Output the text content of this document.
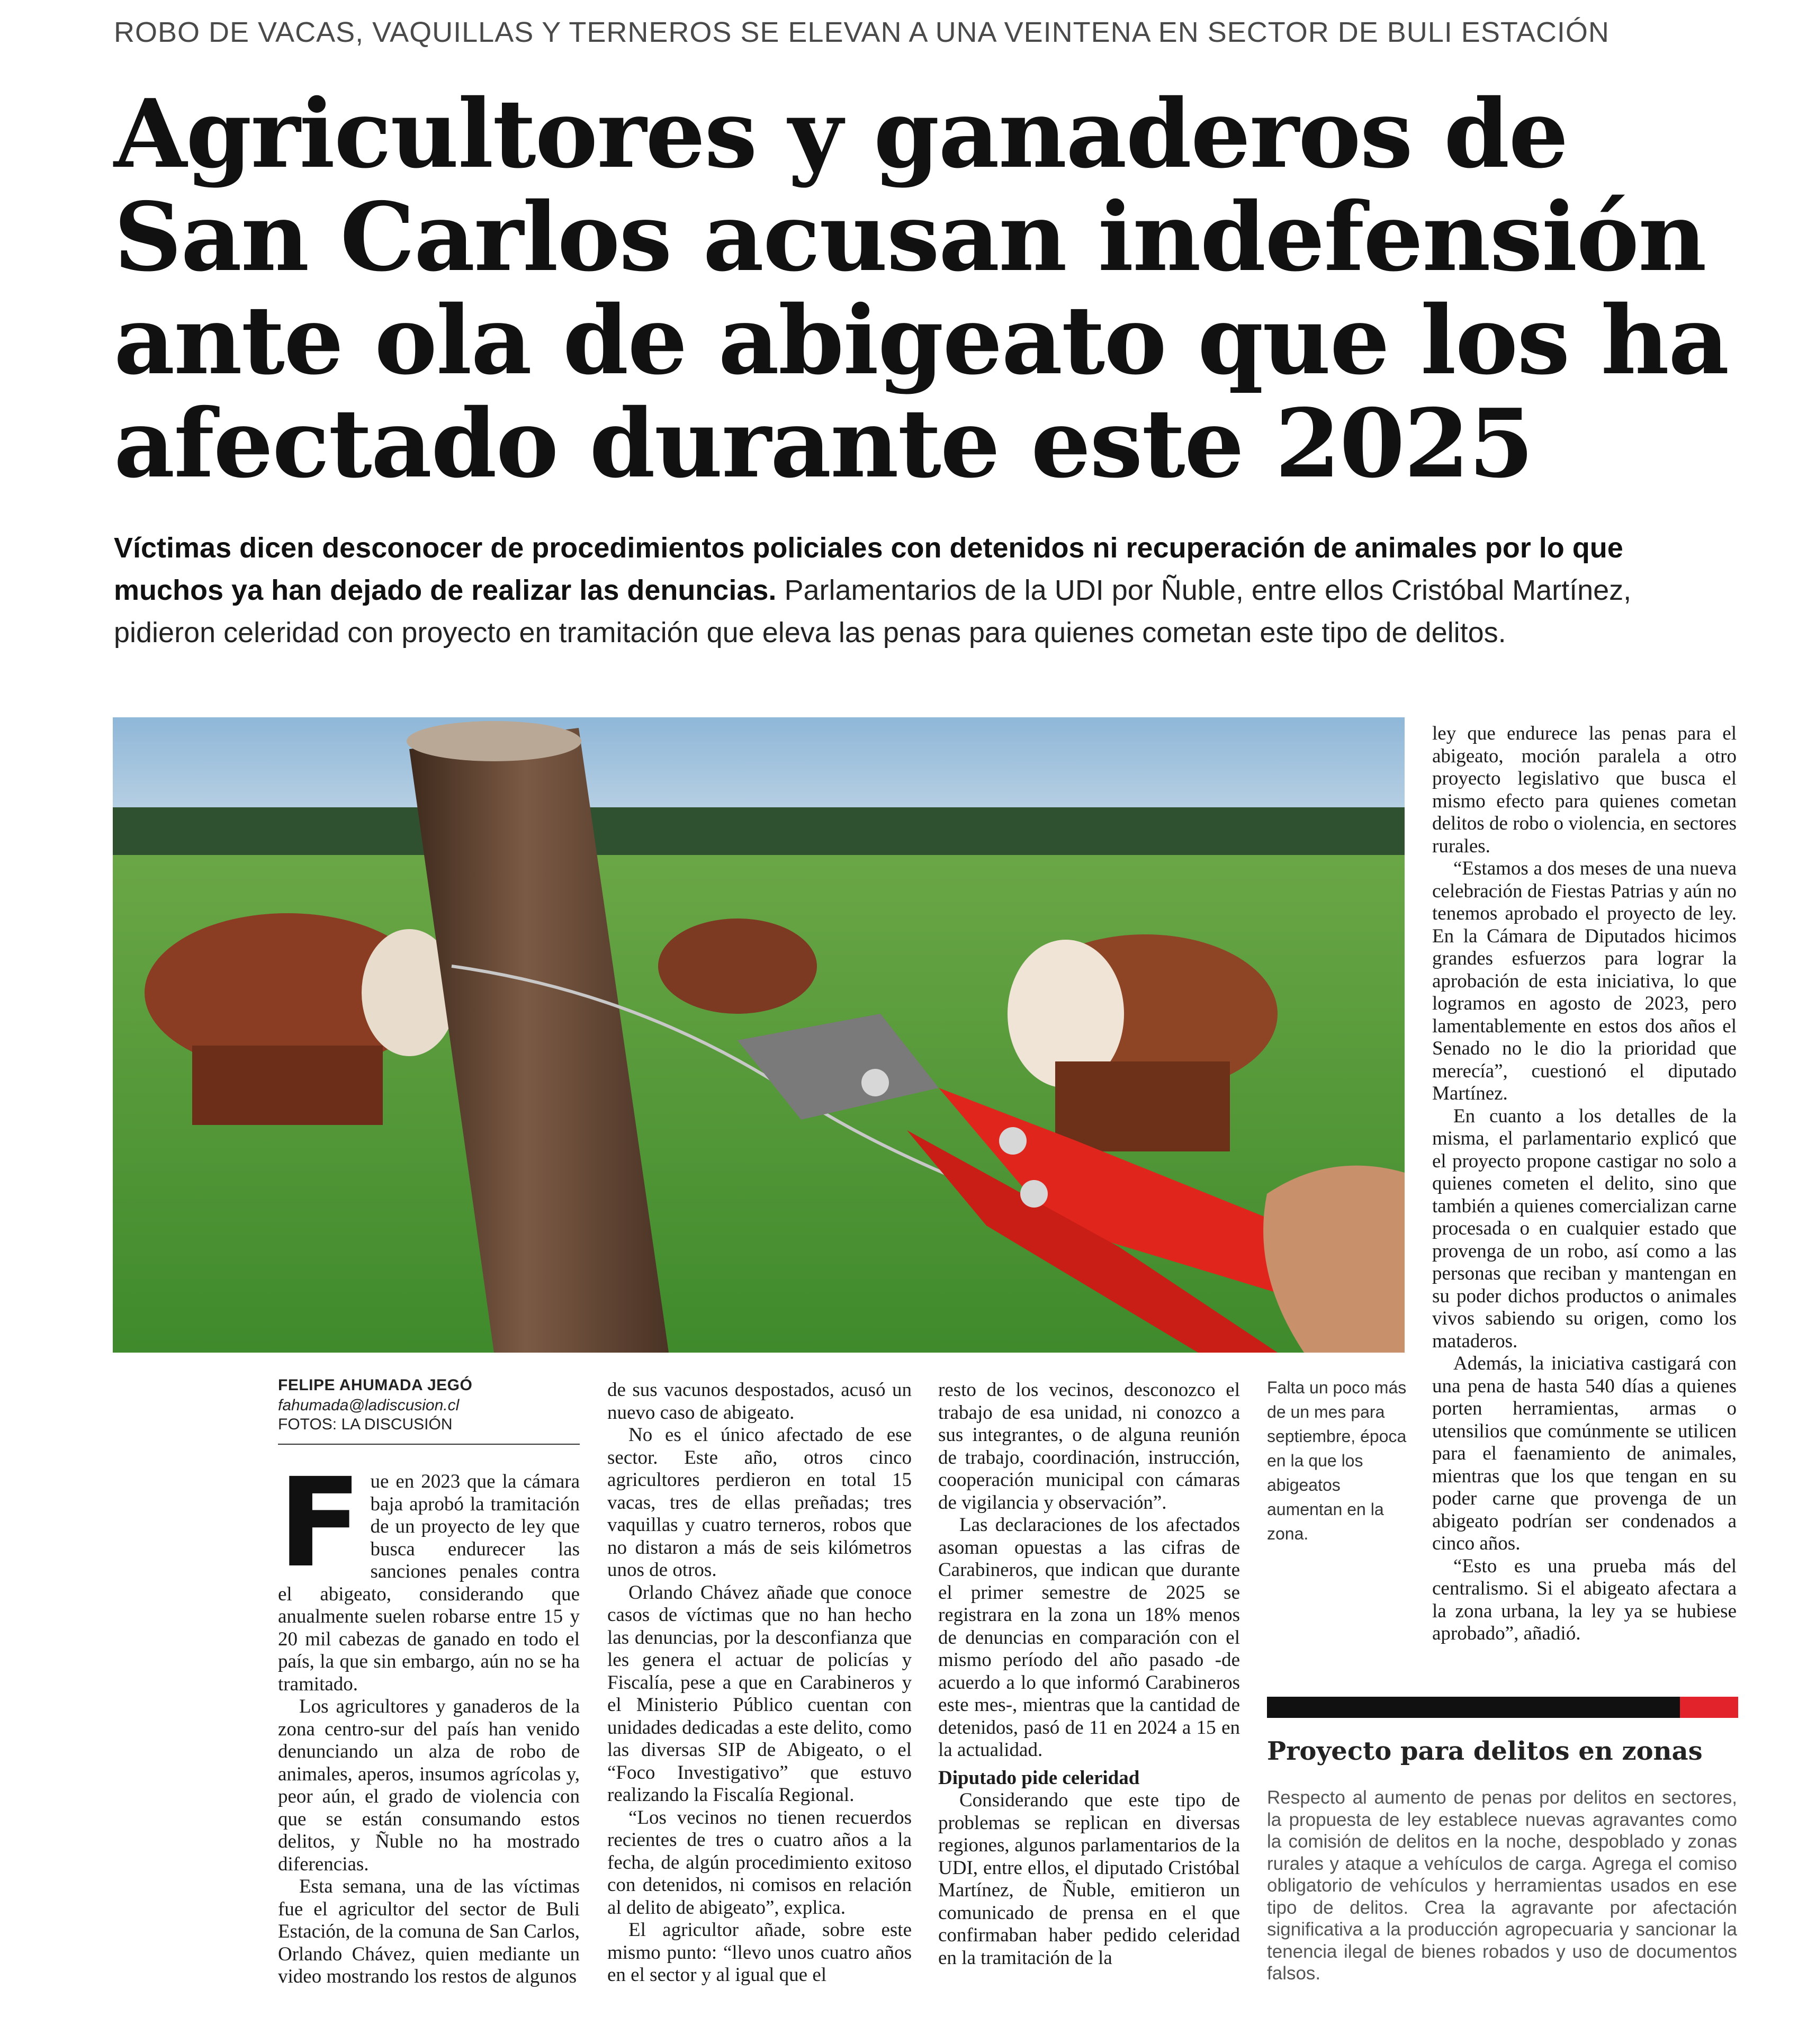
ROBO DE VACAS, VAQUILLAS Y TERNEROS SE ELEVAN A UNA VEINTENA EN SECTOR DE BULI ESTACIÓN
Agricultores y ganaderos de
San Carlos acusan indefensión
ante ola de abigeato que los ha
afectado durante este 2025
Víctimas dicen desconocer de procedimientos policiales con detenidos ni recuperación de animales por lo que muchos ya han dejado de realizar las denuncias. Parlamentarios de la UDI por Ñuble, entre ellos Cristóbal Martínez, pidieron celeridad con proyecto en tramitación que eleva las penas para quienes cometan este tipo de delitos.
FELIPE AHUMADA JEGÓ
fahumada@ladiscusion.cl
FOTOS: LA DISCUSIÓN
F ue en 2023 que la cámara baja aprobó la tramitación de un proyecto de ley que busca endurecer las sanciones penales contra el abigeato, considerando que anualmente suelen robarse entre 15 y 20 mil cabezas de ganado en todo el país, la que sin embargo, aún no se ha tramitado.

Los agricultores y ganaderos de la zona centro-sur del país han venido denunciando un alza de robo de animales, aperos, insumos agrícolas y, peor aún, el grado de violencia con que se están consumando estos delitos, y Ñuble no ha mostrado diferencias.

Esta semana, una de las víctimas fue el agricultor del sector de Buli Estación, de la comuna de San Carlos, Orlando Chávez, quien mediante un video mostrando los restos de algunos

de sus vacunos despostados, acusó un nuevo caso de abigeato.

No es el único afectado de ese sector. Este año, otros cinco agricultores perdieron en total 15 vacas, tres de ellas preñadas; tres vaquillas y cuatro terneros, robos que no distaron a más de seis kilómetros unos de otros.

Orlando Chávez añade que conoce casos de víctimas que no han hecho las denuncias, por la desconfianza que les genera el actuar de policías y Fiscalía, pese a que en Carabineros y el Ministerio Público cuentan con unidades dedicadas a este delito, como las diversas SIP de Abigeato, o el “Foco Investigativo” que estuvo realizando la Fiscalía Regional.

“Los vecinos no tienen recuerdos recientes de tres o cuatro años a la fecha, de algún procedimiento exitoso con detenidos, ni comisos en relación al delito de abigeato”, explica.

El agricultor añade, sobre este mismo punto: “llevo unos cuatro años en el sector y al igual que el

resto de los vecinos, desconozco el trabajo de esa unidad, ni conozco a sus integrantes, o de alguna reunión de trabajo, coordinación, instrucción, cooperación municipal con cámaras de vigilancia y observación”.

Las declaraciones de los afectados asoman opuestas a las cifras de Carabineros, que indican que durante el primer semestre de 2025 se registrara en la zona un 18% menos de denuncias en comparación con el mismo período del año pasado -de acuerdo a lo que informó Carabineros este mes-, mientras que la cantidad de detenidos, pasó de 11 en 2024 a 15 en la actualidad.

Diputado pide celeridad

Considerando que este tipo de problemas se replican en diversas regiones, algunos parlamentarios de la UDI, entre ellos, el diputado Cristóbal Martínez, de Ñuble, emitieron un comunicado de prensa en el que confirmaban haber pedido celeridad en la tramitación de la

Falta un poco más de un mes para septiembre, época en la que los abigeatos aumentan en la zona.

ley que endurece las penas para el abigeato, moción paralela a otro proyecto legislativo que busca el mismo efecto para quienes cometan delitos de robo o violencia, en sectores rurales.

“Estamos a dos meses de una nueva celebración de Fiestas Patrias y aún no tenemos aprobado el proyecto de ley. En la Cámara de Diputados hicimos grandes esfuerzos para lograr la aprobación de esta iniciativa, lo que logramos en agosto de 2023, pero lamentablemente en estos dos años el Senado no le dio la prioridad que merecía”, cuestionó el diputado Martínez.

En cuanto a los detalles de la misma, el parlamentario explicó que el proyecto propone castigar no solo a quienes cometen el delito, sino que también a quienes comercializan carne procesada o en cualquier estado que provenga de un robo, así como a las personas que reciban y mantengan en su poder dichos productos o animales vivos sabiendo su origen, como los mataderos.

Además, la iniciativa castigará con una pena de hasta 540 días a quienes porten herramientas, armas o utensilios que comúnmente se utilicen para el faenamiento de animales, mientras que los que tengan en su poder carne que provenga de un abigeato podrían ser condenados a cinco años.

“Esto es una prueba más del centralismo. Si el abigeato afectara a la zona urbana, la ley ya se hubiese aprobado”, añadió.

Proyecto para delitos en zonas
Respecto al aumento de penas por delitos en sectores, la propuesta de ley establece nuevas agravantes como la comisión de delitos en la noche, despoblado y zonas rurales y ataque a vehículos de carga. Agrega el comiso obligatorio de vehículos y herramientas usados en ese tipo de delitos. Crea la agravante por afectación significativa a la producción agropecuaria y sancionar la tenencia ilegal de bienes robados y uso de documentos falsos.
